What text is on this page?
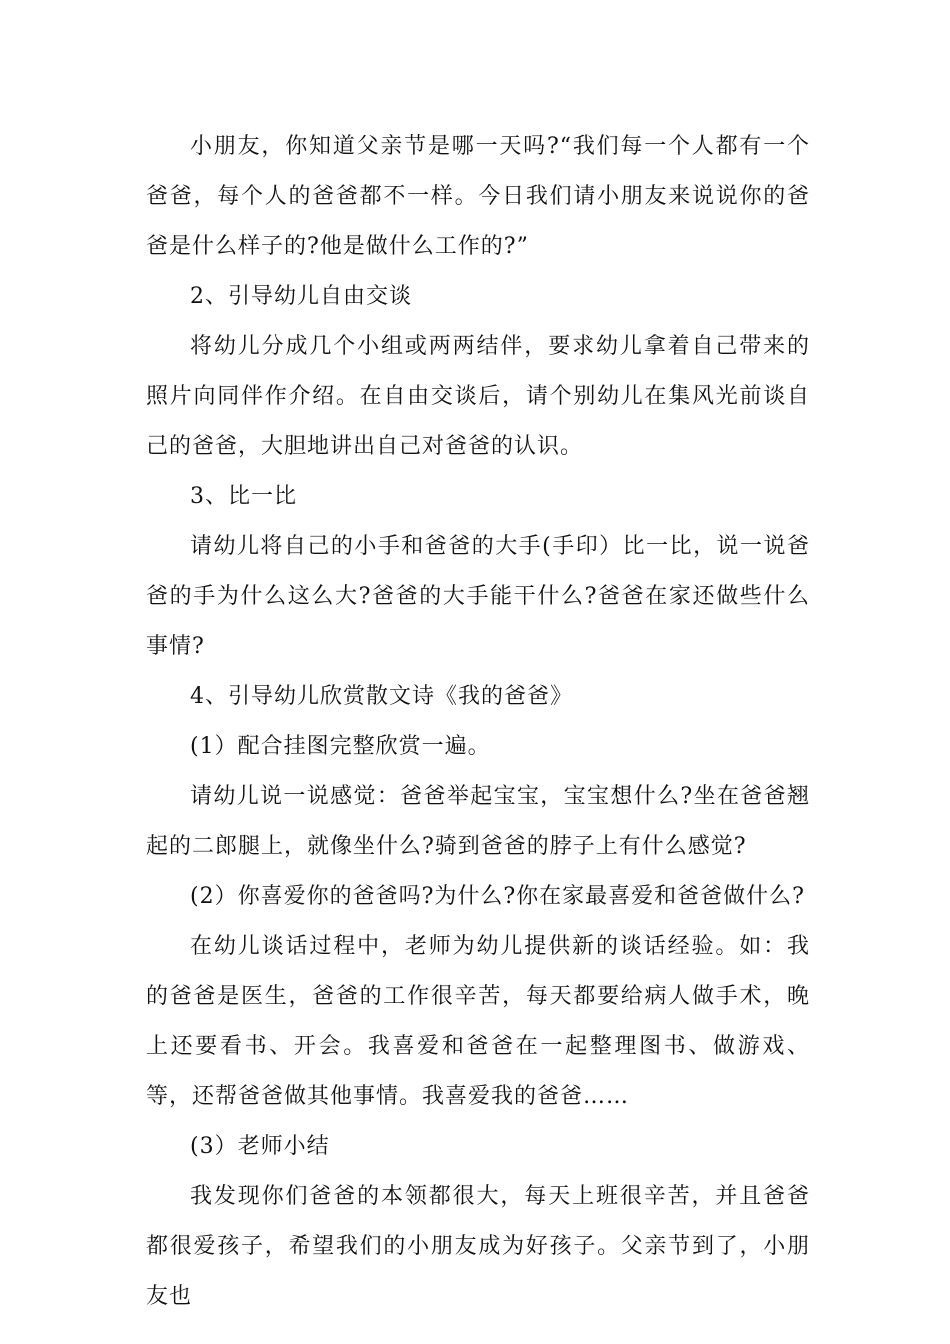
小朋友，你知道父亲节是哪一天吗?“我们每一个人都有一个爸爸，每个人的爸爸都不一样。今日我们请小朋友来说说你的爸爸是什么样子的?他是做什么工作的?”

2、引导幼儿自由交谈

将幼儿分成几个小组或两两结伴，要求幼儿拿着自己带来的照片向同伴作介绍。在自由交谈后，请个别幼儿在集风光前谈自己的爸爸，大胆地讲出自己对爸爸的认识。

3、比一比

请幼儿将自己的小手和爸爸的大手(手印）比一比，说一说爸爸的手为什么这么大?爸爸的大手能干什么?爸爸在家还做些什么事情?

4、引导幼儿欣赏散文诗《我的爸爸》

(1）配合挂图完整欣赏一遍。

请幼儿说一说感觉：爸爸举起宝宝，宝宝想什么?坐在爸爸翘起的二郎腿上，就像坐什么?骑到爸爸的脖子上有什么感觉?

(2）你喜爱你的爸爸吗?为什么?你在家最喜爱和爸爸做什么?

在幼儿谈话过程中，老师为幼儿提供新的谈话经验。如：我的爸爸是医生，爸爸的工作很辛苦，每天都要给病人做手术，晚上还要看书、开会。我喜爱和爸爸在一起整理图书、做游戏、等，还帮爸爸做其他事情。我喜爱我的爸爸……

(3）老师小结

我发现你们爸爸的本领都很大，每天上班很辛苦，并且爸爸都很爱孩子，希望我们的小朋友成为好孩子。父亲节到了，小朋友也
